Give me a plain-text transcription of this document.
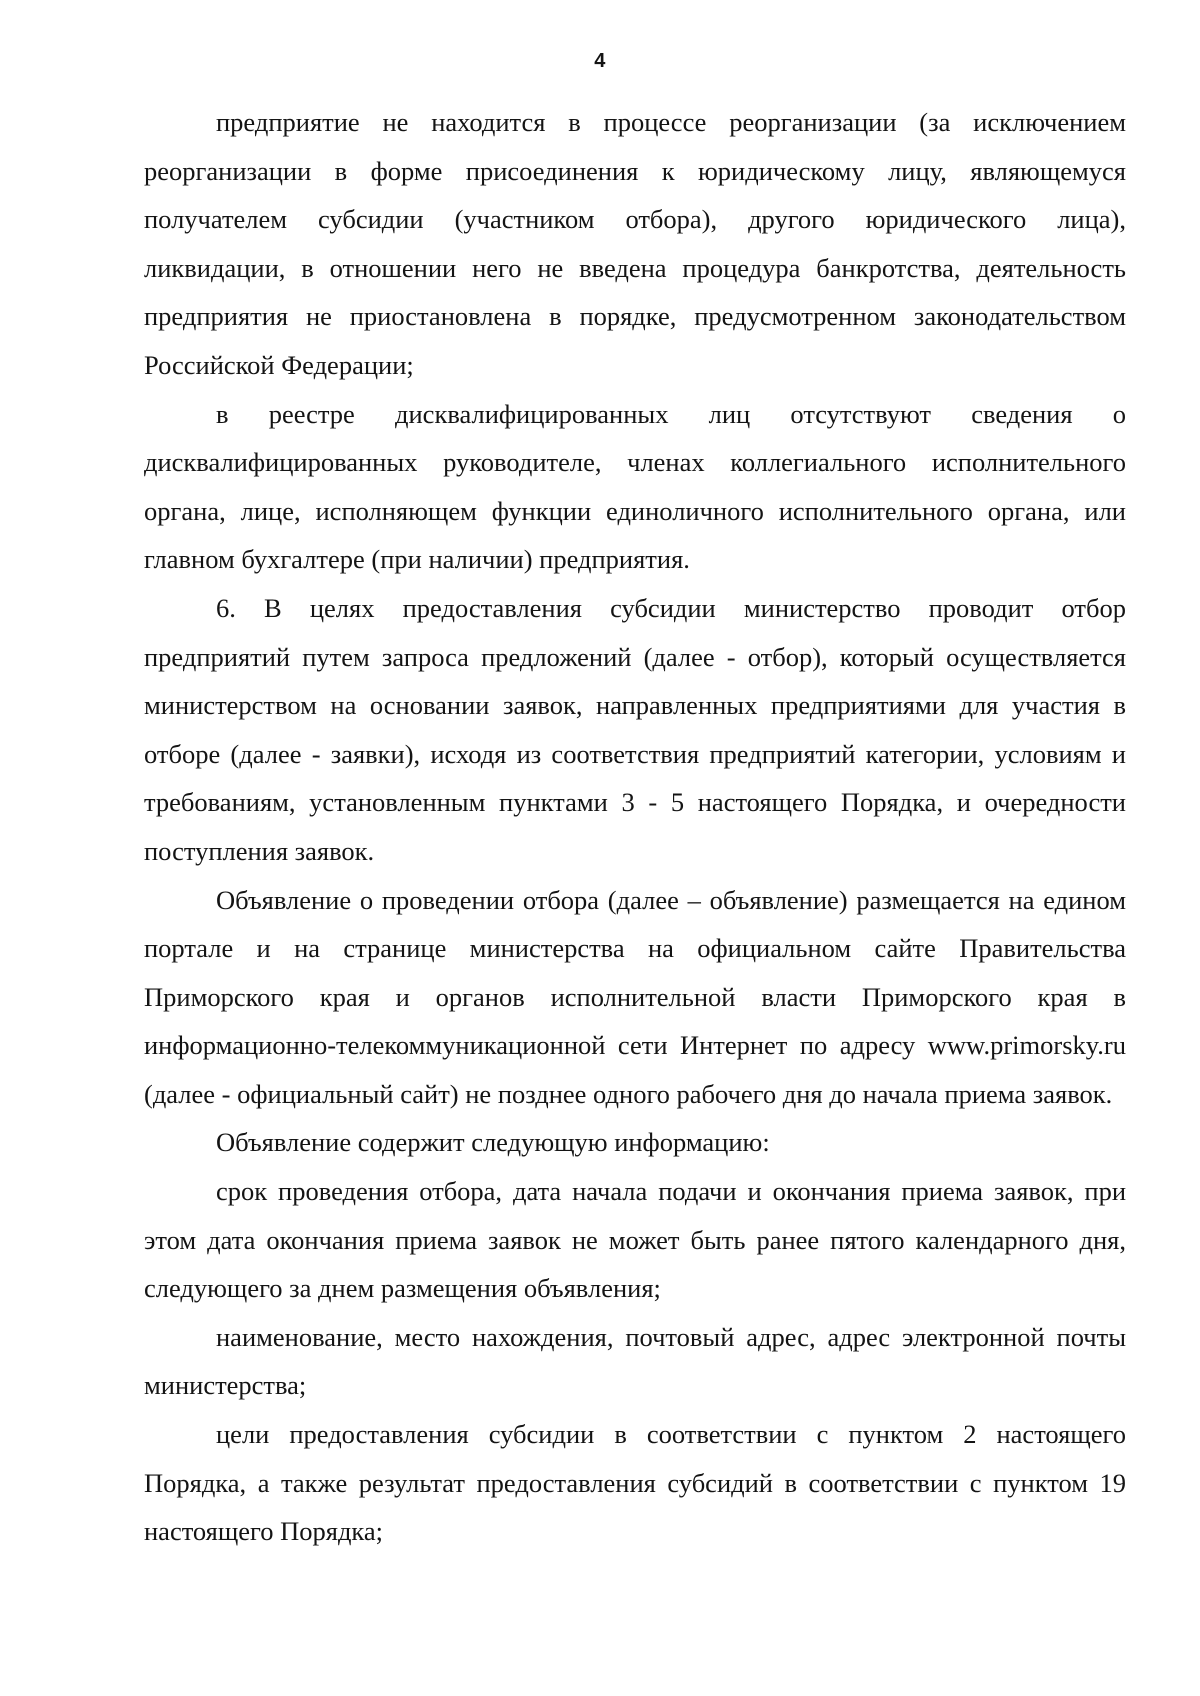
4

предприятие не находится в процессе реорганизации (за исключением реорганизации в форме присоединения к юридическому лицу, являющемуся получателем субсидии (участником отбора), другого юридического лица), ликвидации, в отношении него не введена процедура банкротства, деятельность предприятия не приостановлена в порядке, предусмотренном законодательством Российской Федерации;

в реестре дисквалифицированных лиц отсутствуют сведения о дисквалифицированных руководителе, членах коллегиального исполнительного органа, лице, исполняющем функции единоличного исполнительного органа, или главном бухгалтере (при наличии) предприятия.

6. В целях предоставления субсидии министерство проводит отбор предприятий путем запроса предложений (далее - отбор), который осуществляется министерством на основании заявок, направленных предприятиями для участия в отборе (далее - заявки), исходя из соответствия предприятий категории, условиям и требованиям, установленным пунктами 3 - 5 настоящего Порядка, и очередности поступления заявок.

Объявление о проведении отбора (далее – объявление) размещается на едином портале и на странице министерства на официальном сайте Правительства Приморского края и органов исполнительной власти Приморского края в информационно-телекоммуникационной сети Интернет по адресу www.primorsky.ru (далее - официальный сайт) не позднее одного рабочего дня до начала приема заявок.

Объявление содержит следующую информацию:

срок проведения отбора, дата начала подачи и окончания приема заявок, при этом дата окончания приема заявок не может быть ранее пятого календарного дня, следующего за днем размещения объявления;

наименование, место нахождения, почтовый адрес, адрес электронной почты министерства;

цели предоставления субсидии в соответствии с пунктом 2 настоящего Порядка, а также результат предоставления субсидий в соответствии с пунктом 19 настоящего Порядка;
